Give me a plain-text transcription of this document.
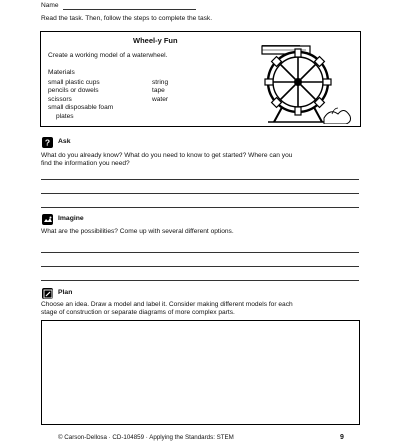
Name
Read the task. Then, follow the steps to complete the task.
Wheel-y Fun
Create a working model of a waterwheel.
Materials
small plastic cups
pencils or dowels
scissors
small disposable foam
plates
string
tape
water
? Ask
What do you already know? What do you need to know to get started? Where can you
find the information you need?
Imagine
What are the possibilities? Come up with several different options.
Plan
Choose an idea. Draw a model and label it. Consider making different models for each
stage of construction or separate diagrams of more complex parts.
© Carson-Dellosa · CD-104859 · Applying the Standards: STEM	9
